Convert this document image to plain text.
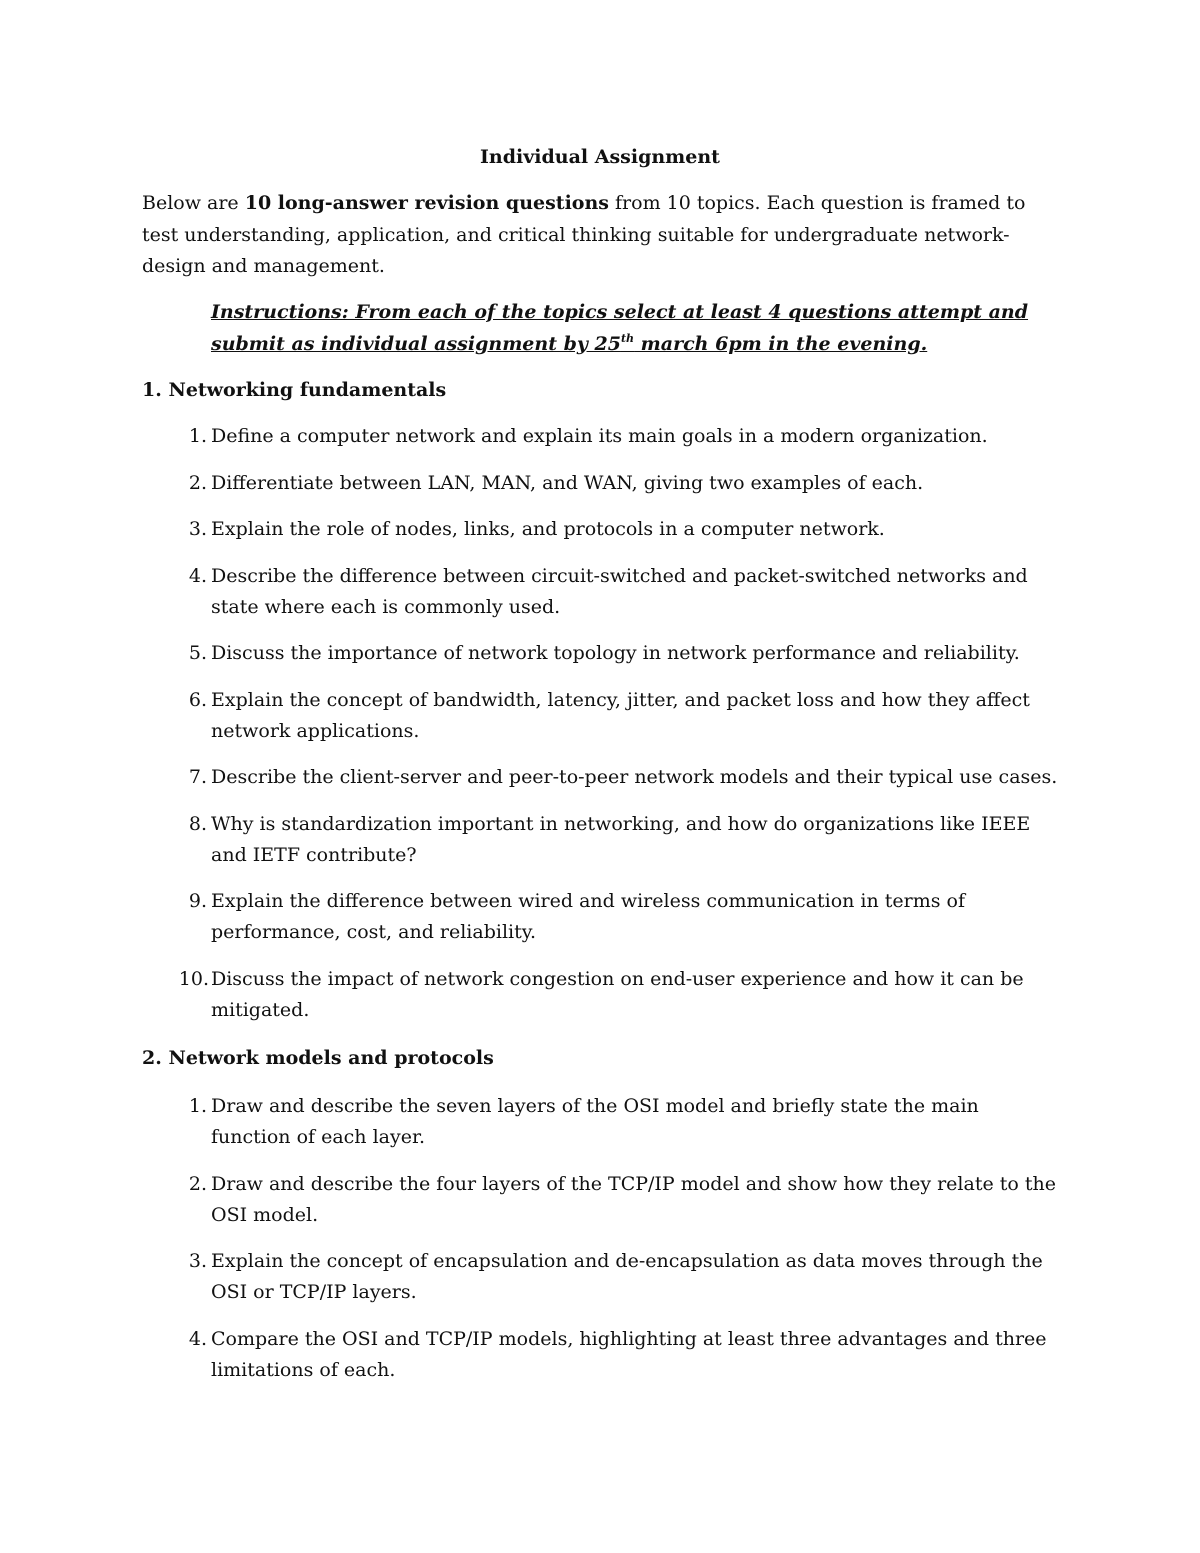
Individual Assignment
Below are 10 long-answer revision questions from 10 topics. Each question is framed to test understanding, application, and critical thinking suitable for undergraduate network-design and management.
Instructions: From each of the topics select at least 4 questions attempt and submit as individual assignment by 25th march 6pm in the evening.
1. Networking fundamentals
1. Define a computer network and explain its main goals in a modern organization.
2. Differentiate between LAN, MAN, and WAN, giving two examples of each.
3. Explain the role of nodes, links, and protocols in a computer network.
4. Describe the difference between circuit-switched and packet-switched networks and state where each is commonly used.
5. Discuss the importance of network topology in network performance and reliability.
6. Explain the concept of bandwidth, latency, jitter, and packet loss and how they affect network applications.
7. Describe the client-server and peer-to-peer network models and their typical use cases.
8. Why is standardization important in networking, and how do organizations like IEEE and IETF contribute?
9. Explain the difference between wired and wireless communication in terms of performance, cost, and reliability.
10. Discuss the impact of network congestion on end-user experience and how it can be mitigated.
2. Network models and protocols
1. Draw and describe the seven layers of the OSI model and briefly state the main function of each layer.
2. Draw and describe the four layers of the TCP/IP model and show how they relate to the OSI model.
3. Explain the concept of encapsulation and de-encapsulation as data moves through the OSI or TCP/IP layers.
4. Compare the OSI and TCP/IP models, highlighting at least three advantages and three limitations of each.
